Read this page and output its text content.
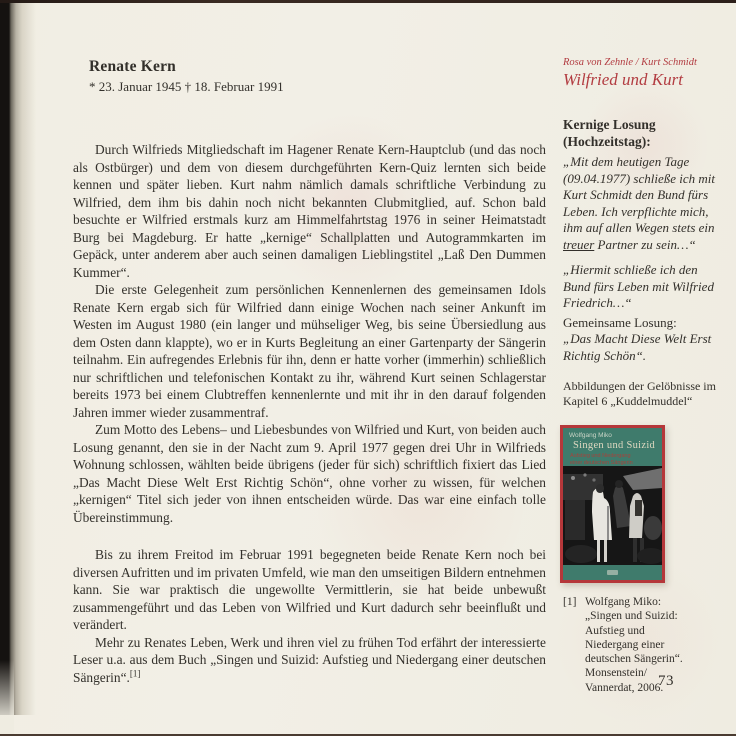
Renate Kern
* 23. Januar 1945 † 18. Februar 1991

Durch Wilfrieds Mitgliedschaft im Hagener Renate Kern-Hauptclub (und das noch als Ostbürger) und dem von diesem durchgeführten Kern-Quiz lernten sich beide kennen und später lieben. Kurt nahm nämlich damals schriftliche Verbindung zu Wilfried, dem ihm bis dahin noch nicht bekannten Clubmitglied, auf. Schon bald besuchte er Wilfried erstmals kurz am Himmelfahrtstag 1976 in seiner Heimatstadt Burg bei Magdeburg. Er hatte „kernige“ Schallplatten und Autogrammkarten im Gepäck, unter anderem aber auch seinen damaligen Lieblingstitel „Laß Den Dummen Kummer“.

Die erste Gelegenheit zum persönlichen Kennenlernen des gemeinsamen Idols Renate Kern ergab sich für Wilfried dann einige Wochen nach seiner Ankunft im Westen im August 1980 (ein langer und mühseliger Weg, bis seine Übersiedlung aus dem Osten dann klappte), wo er in Kurts Begleitung an einer Gartenparty der Sängerin teilnahm. Ein aufregendes Erlebnis für ihn, denn er hatte vorher (immerhin) schließlich nur schriftlichen und telefonischen Kontakt zu ihr, während Kurt seinen Schlagerstar bereits 1973 bei einem Clubtreffen kennenlernte und mit ihr in den darauf folgenden Jahren immer wieder zusammentraf.

Zum Motto des Lebens– und Liebesbundes von Wilfried und Kurt, von beiden auch Losung genannt, den sie in der Nacht zum 9. April 1977 gegen drei Uhr in Wilfrieds Wohnung schlossen, wählten beide übrigens (jeder für sich) schriftlich fixiert das Lied „Das Macht Diese Welt Erst Richtig Schön“, ohne vorher zu wissen, für welchen „kernigen“ Titel sich jeder von ihnen entscheiden würde. Das war eine einfach tolle Übereinstimmung.

Bis zu ihrem Freitod im Februar 1991 begegneten beide Renate Kern noch bei diversen Aufritten und im privaten Umfeld, wie man den umseitigen Bildern entnehmen kann. Sie war praktisch die ungewollte Vermittlerin, sie hat beide unbewußt zusammengeführt und das Leben von Wilfried und Kurt dadurch sehr beeinflußt und verändert.

Mehr zu Renates Leben, Werk und ihren viel zu frühen Tod erfährt der interessierte Leser u.a. aus dem Buch „Singen und Suizid: Aufstieg und Niedergang einer deutschen Sängerin“.[1]

Rosa von Zehnle / Kurt Schmidt
Wilfried und Kurt
Kernige Losung
(Hochzeitstag):

„Mit dem heutigen Tage (09.04.1977) schließe ich mit Kurt Schmidt den Bund fürs Leben. Ich verpflichte mich, ihm auf allen Wegen stets ein treuer Partner zu sein…“

„Hiermit schließe ich den Bund fürs Leben mit Wilfried Friedrich…“

Gemeinsame Losung:

„Das Macht Diese Welt Erst Richtig Schön“.

Abbildungen der Gelöbnisse im Kapitel 6 „Kuddelmuddel“

Wolfgang Miko
Singen und Suizid
Aufstieg und Niedergang einer deutschen Sängerin

[1] Wolfgang Miko: „Singen und Suizid: Aufstieg und Niedergang einer deutschen Sängerin“. Monsenstein/ Vannerdat, 2006.

73
